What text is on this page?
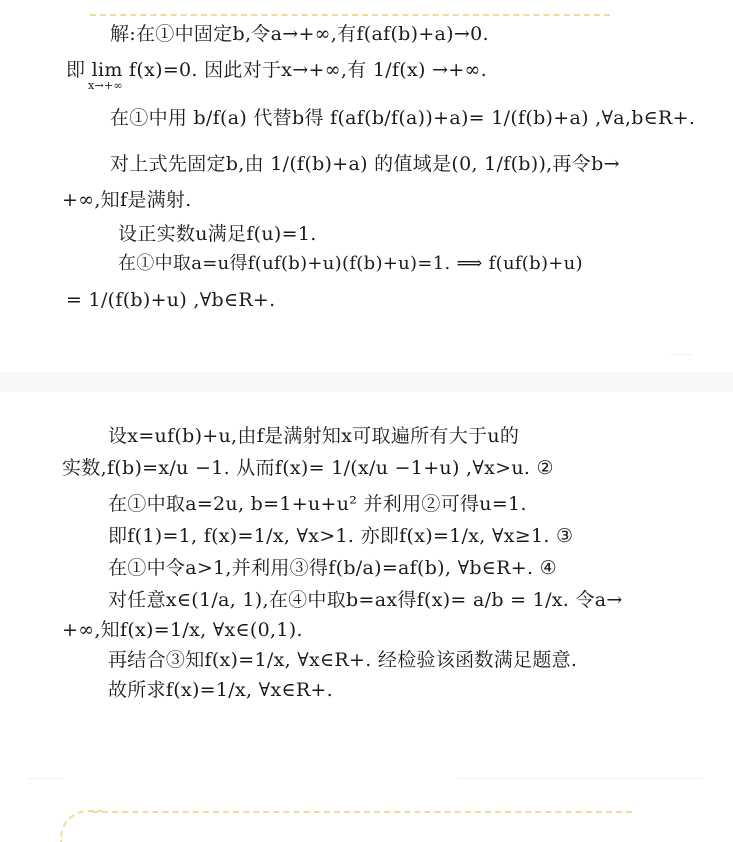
解:在①中固定b,令a→+∞,有f(af(b)+a)→0.
即 lim f(x)=0. 因此对于x→+∞,有 1/f(x) →+∞.
x→+∞
在①中用 b/f(a) 代替b得 f(af(b/f(a))+a)= 1/(f(b)+a) ,∀a,b∈R+.
对上式先固定b,由 1/(f(b)+a) 的值域是(0, 1/f(b)),再令b→
+∞,知f是满射.
设正实数u满足f(u)=1.
在①中取a=u得f(uf(b)+u)(f(b)+u)=1. ⟹ f(uf(b)+u)
= 1/(f(b)+u) ,∀b∈R+.
设x=uf(b)+u,由f是满射知x可取遍所有大于u的
实数,f(b)=x/u −1. 从而f(x)= 1/(x/u −1+u) ,∀x>u. ②
在①中取a=2u, b=1+u+u² 并利用②可得u=1.
即f(1)=1, f(x)=1/x, ∀x>1. 亦即f(x)=1/x, ∀x≥1. ③
在①中令a>1,并利用③得f(b/a)=af(b), ∀b∈R+. ④
对任意x∈(1/a, 1),在④中取b=ax得f(x)= a/b = 1/x. 令a→
+∞,知f(x)=1/x, ∀x∈(0,1).
再结合③知f(x)=1/x, ∀x∈R+. 经检验该函数满足题意.
故所求f(x)=1/x, ∀x∈R+.
